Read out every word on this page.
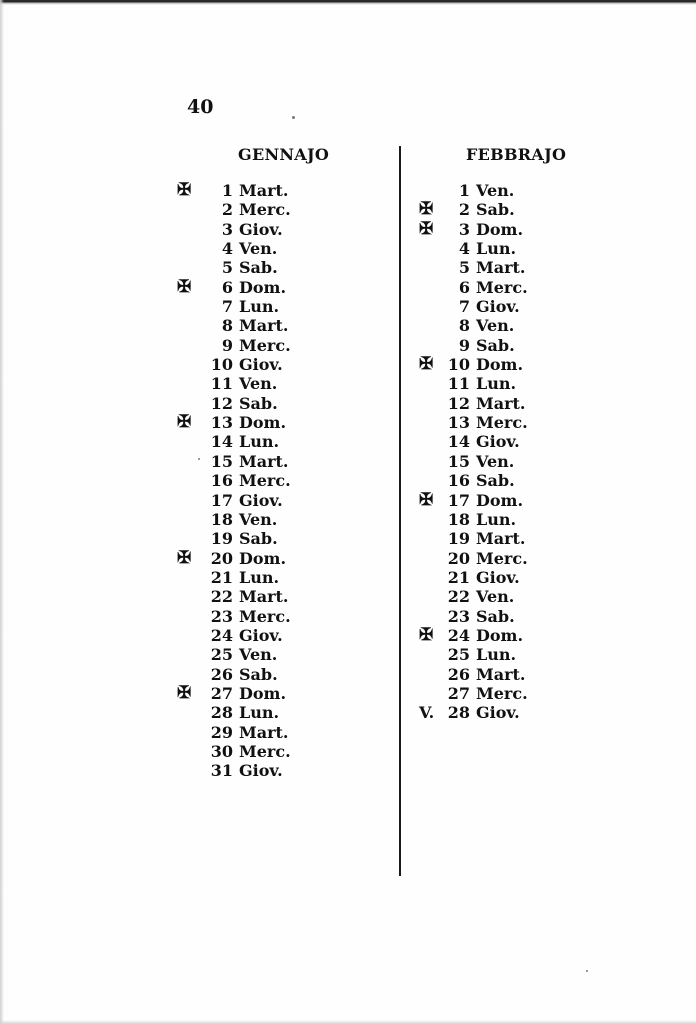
40
GENNAJO
✠	1 Mart.
2 Merc.
3 Giov.
4 Ven.
5 Sab.
✠	6 Dom.
7 Lun.
8 Mart.
9 Merc.
10 Giov.
11 Ven.
12 Sab.
✠	13 Dom.
14 Lun.
15 Mart.
16 Merc.
17 Giov.
18 Ven.
19 Sab.
✠	20 Dom.
21 Lun.
22 Mart.
23 Merc.
24 Giov.
25 Ven.
26 Sab.
✠	27 Dom.
28 Lun.
29 Mart.
30 Merc.
31 Giov.
FEBBRAJO
1 Ven.
✠	2 Sab.
✠	3 Dom.
4 Lun.
5 Mart.
6 Merc.
7 Giov.
8 Ven.
9 Sab.
✠ 10 Dom.
11 Lun.
12 Mart.
13 Merc.
14 Giov.
15 Ven.
16 Sab.
✠ 17 Dom.
18 Lun.
19 Mart.
20 Merc.
21 Giov.
22 Ven.
23 Sab.
✠ 24 Dom.
25 Lun.
26 Mart.
27 Merc.
V. 28 Giov.
